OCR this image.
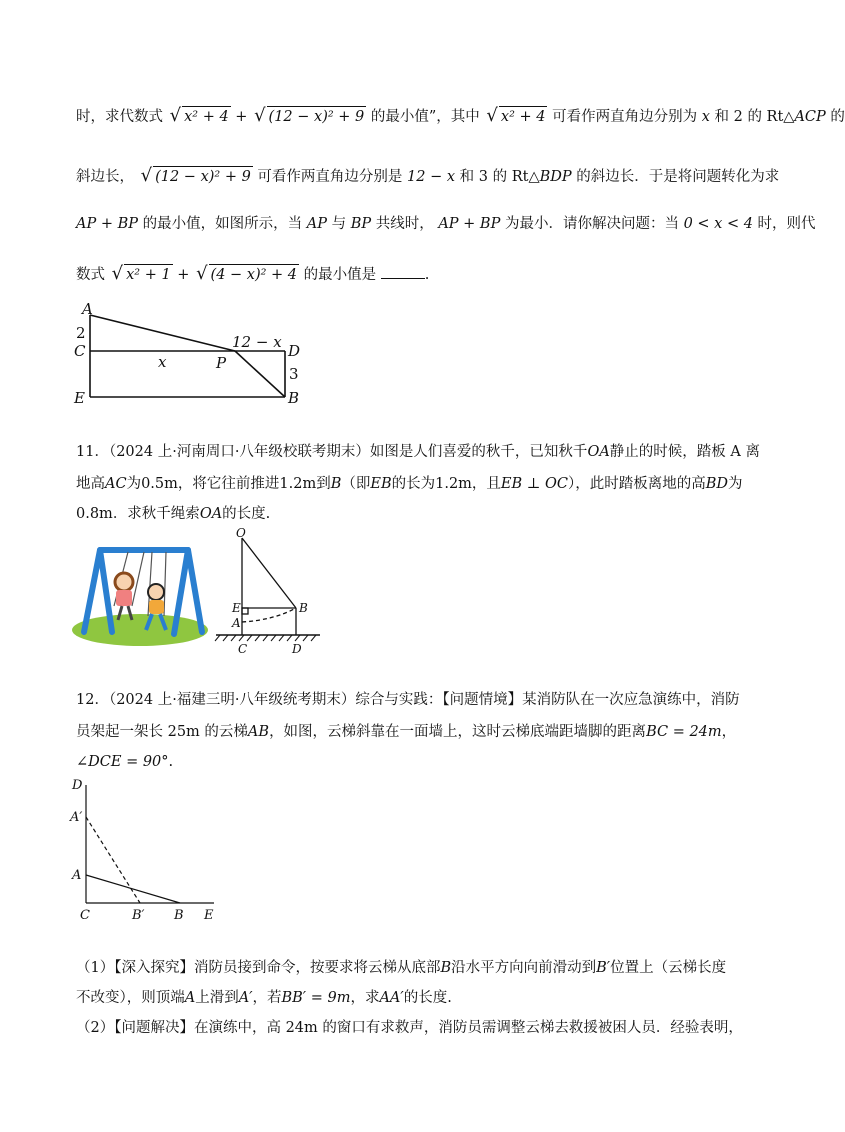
时，求代数式 √ x² + 4 + √ (12 − x)² + 9 的最小值”，其中 √ x² + 4 可看作两直角边分别为 x 和 2 的 Rt△ACP 的
斜边长， √ (12 − x)² + 9 可看作两直角边分别是 12 − x 和 3 的 Rt△BDP 的斜边长．于是将问题转化为求
AP + BP 的最小值，如图所示，当 AP 与 BP 共线时， AP + BP 为最小．请你解决问题：当 0 < x < 4 时，则代
数式 √ x² + 1 + √ (4 − x)² + 4 的最小值是	.
A
C
E
P
D
B
x
12 − x
2
3
11．（2024 上·河南周口·八年级校联考期末）如图是人们喜爱的秋千，已知秋千OA静止的时候，踏板 A 离
地高AC为0.5m，将它往前推进1.2m到B（即EB的长为1.2m，且EB ⊥ OC），此时踏板离地的高BD为
0.8m．求秋千绳索OA的长度.
O
E	B
A
C	D
12．（2024 上·福建三明·八年级统考期末）综合与实践：【问题情境】某消防队在一次应急演练中，消防
员架起一架长 25m 的云梯AB，如图，云梯斜靠在一面墙上，这时云梯底端距墙脚的距离BC = 24m，
∠DCE = 90°.
D
A′
A
C	B′ B E
（1）【深入探究】消防员接到命令，按要求将云梯从底部B沿水平方向向前滑动到B′位置上（云梯长度
不改变），则顶端A上滑到A′，若BB′ = 9m，求AA′的长度.
（2）【问题解决】在演练中，高 24m 的窗口有求救声，消防员需调整云梯去救援被困人员．经验表明，
